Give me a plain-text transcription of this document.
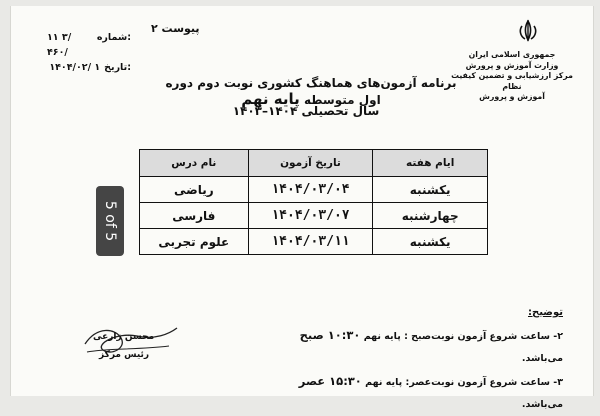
۱۱ ۳/ ۴۶۰/
شماره:
۱۴۰۴/۰۲/ ۱ تاریخ:
پیوست ۲
جمهوری اسلامی ایران
وزارت آموزش و پرورش
مرکز ارزشیابی و تضمین کیفیت نظام
آموزش و پرورش
برنامه آزمون‌های هماهنگ کشوری نوبت دوم دوره اول متوسطه پایه نهم
سال تحصیلی ۱۴۰۴–۱۴۰۳
ایام هفته	تاریخ آزمون	نام درس
یکشنبه	۱۴۰۴/۰۳/۰۴	ریاضی
چهارشنبه	۱۴۰۴/۰۳/۰۷	فارسی
یکشنبه	۱۴۰۴/۰۳/۱۱	علوم تجربی
توضیح:
۲- ساعت شروع آزمون نوبت‌صبح : پایه نهم ۱۰:۳۰ صبح می‌باشد.
۳- ساعت شروع آزمون نوبت‌عصر: پایه نهم ۱۵:۳۰ عصر می‌باشد.
محسن زارعی
رئیس مرکز
5 of 5
